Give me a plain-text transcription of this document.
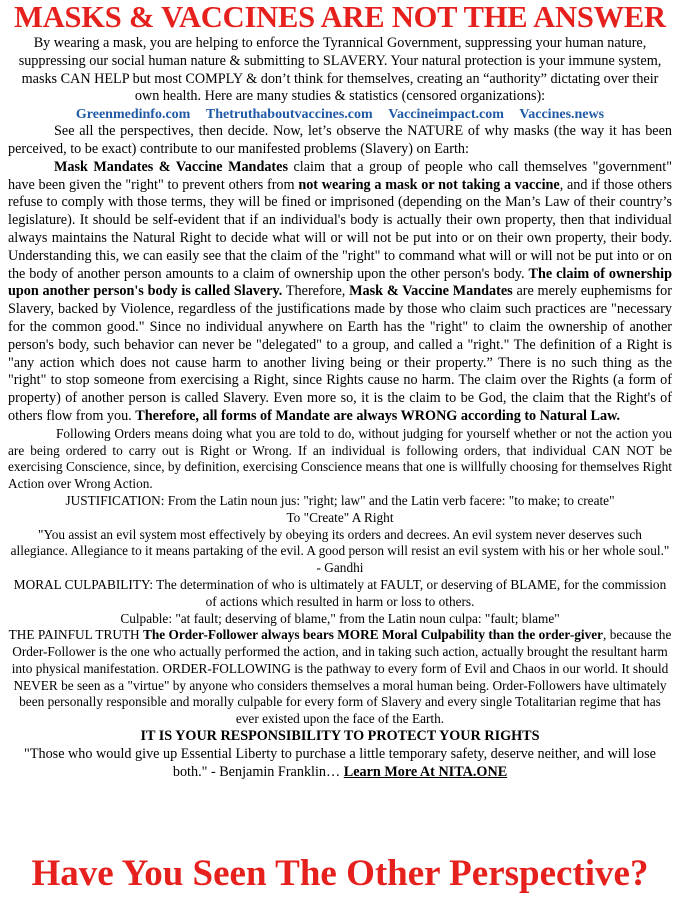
MASKS & VACCINES ARE NOT THE ANSWER

By wearing a mask, you are helping to enforce the Tyrannical Government, suppressing your human nature, suppressing our social human nature & submitting to SLAVERY. Your natural protection is your immune system, masks CAN HELP but most COMPLY & don’t think for themselves, creating an “authority” dictating over their own health. Here are many studies & statistics (censored organizations):

Greenmedinfo.com Thetruthaboutvaccines.com Vaccineimpact.com Vaccines.news

See all the perspectives, then decide. Now, let’s observe the NATURE of why masks (the way it has been perceived, to be exact) contribute to our manifested problems (Slavery) on Earth:

Mask Mandates & Vaccine Mandates claim that a group of people who call themselves "government" have been given the "right" to prevent others from not wearing a mask or not taking a vaccine, and if those others refuse to comply with those terms, they will be fined or imprisoned (depending on the Man’s Law of their country’s legislature). It should be self-evident that if an individual's body is actually their own property, then that individual always maintains the Natural Right to decide what will or will not be put into or on their own property, their body. Understanding this, we can easily see that the claim of the "right" to command what will or will not be put into or on the body of another person amounts to a claim of ownership upon the other person's body. The claim of ownership upon another person's body is called Slavery. Therefore, Mask & Vaccine Mandates are merely euphemisms for Slavery, backed by Violence, regardless of the justifications made by those who claim such practices are "necessary for the common good." Since no individual anywhere on Earth has the "right" to claim the ownership of another person's body, such behavior can never be "delegated" to a group, and called a "right." The definition of a Right is "any action which does not cause harm to another living being or their property.” There is no such thing as the "right" to stop someone from exercising a Right, since Rights cause no harm. The claim over the Rights (a form of property) of another person is called Slavery. Even more so, it is the claim to be God, the claim that the Right's of others flow from you. Therefore, all forms of Mandate are always WRONG according to Natural Law.

Following Orders means doing what you are told to do, without judging for yourself whether or not the action you are being ordered to carry out is Right or Wrong. If an individual is following orders, that individual CAN NOT be exercising Conscience, since, by definition, exercising Conscience means that one is willfully choosing for themselves Right Action over Wrong Action.

JUSTIFICATION: From the Latin noun jus: "right; law" and the Latin verb facere: "to make; to create"

To "Create" A Right

"You assist an evil system most effectively by obeying its orders and decrees. An evil system never deserves such allegiance. Allegiance to it means partaking of the evil. A good person will resist an evil system with his or her whole soul." - Gandhi

MORAL CULPABILITY: The determination of who is ultimately at FAULT, or deserving of BLAME, for the commission of actions which resulted in harm or loss to others.

Culpable: "at fault; deserving of blame," from the Latin noun culpa: "fault; blame"

THE PAINFUL TRUTH The Order-Follower always bears MORE Moral Culpability than the order-giver, because the Order-Follower is the one who actually performed the action, and in taking such action, actually brought the resultant harm into physical manifestation. ORDER-FOLLOWING is the pathway to every form of Evil and Chaos in our world. It should NEVER be seen as a "virtue" by anyone who considers themselves a moral human being. Order-Followers have ultimately been personally responsible and morally culpable for every form of Slavery and every single Totalitarian regime that has ever existed upon the face of the Earth.

IT IS YOUR RESPONSIBILITY TO PROTECT YOUR RIGHTS

"Those who would give up Essential Liberty to purchase a little temporary safety, deserve neither, and will lose both." - Benjamin Franklin… Learn More At NITA.ONE

Have You Seen The Other Perspective?
